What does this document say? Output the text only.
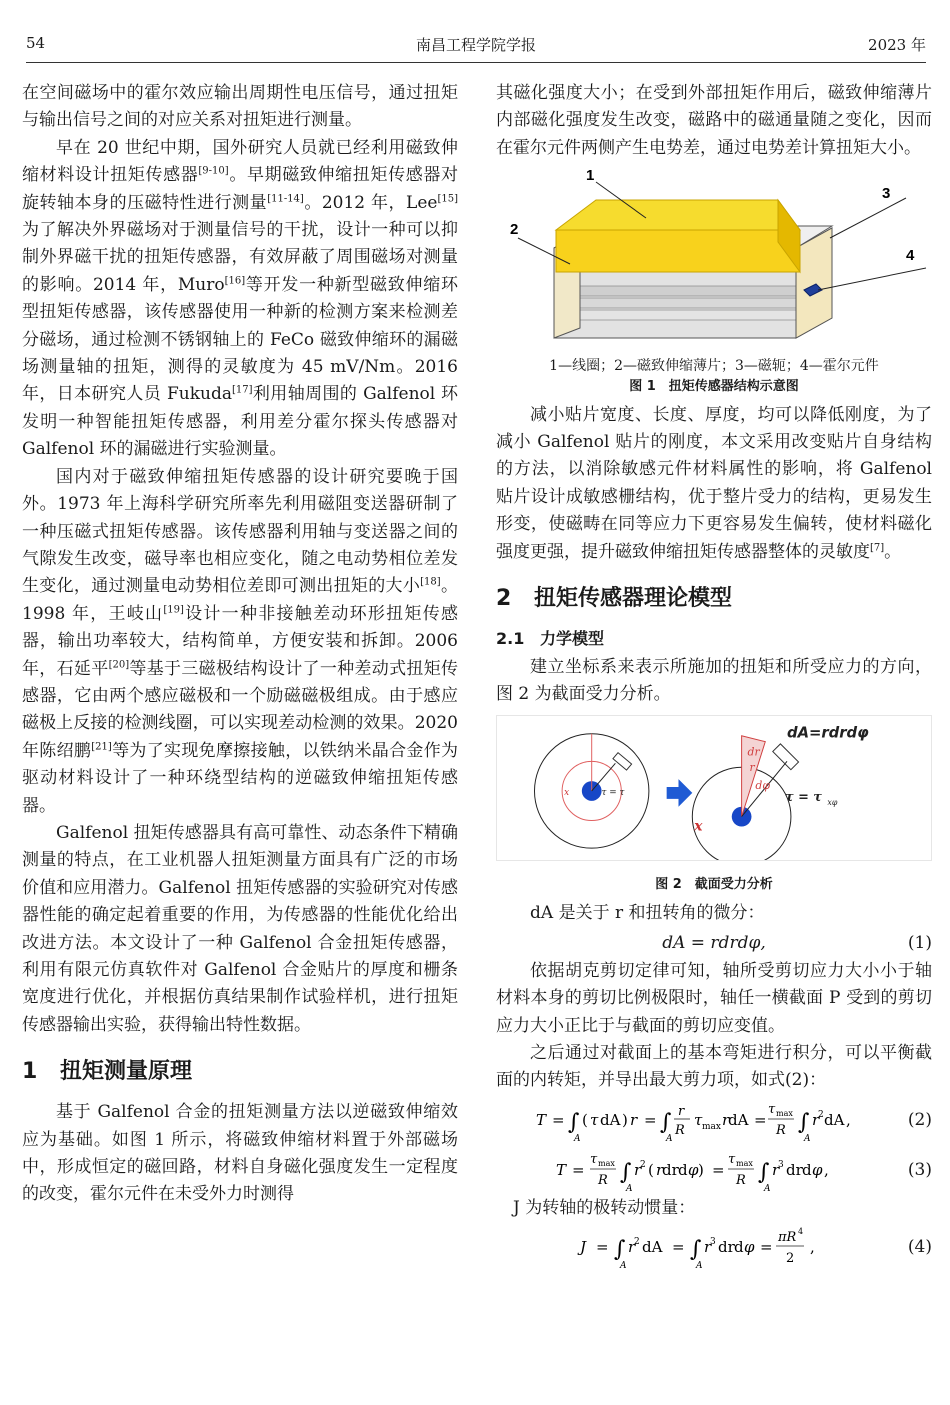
54	南昌工程学院学报	2023 年

在空间磁场中的霍尔效应输出周期性电压信号，通过扭矩与输出信号之间的对应关系对扭矩进行测量。

早在 20 世纪中期，国外研究人员就已经利用磁致伸缩材料设计扭矩传感器[9-10]。早期磁致伸缩扭矩传感器对旋转轴本身的压磁特性进行测量[11-14]。2012 年，Lee[15]为了解决外界磁场对于测量信号的干扰，设计一种可以抑制外界磁干扰的扭矩传感器，有效屏蔽了周围磁场对测量的影响。2014 年，Muro[16]等开发一种新型磁致伸缩环型扭矩传感器，该传感器使用一种新的检测方案来检测差分磁场，通过检测不锈钢轴上的 FeCo 磁致伸缩环的漏磁场测量轴的扭矩，测得的灵敏度为 45 mV/Nm。2016 年，日本研究人员 Fukuda[17]利用轴周围的 Galfenol 环发明一种智能扭矩传感器，利用差分霍尔探头传感器对 Galfenol 环的漏磁进行实验测量。

国内对于磁致伸缩扭矩传感器的设计研究要晚于国外。1973 年上海科学研究所率先利用磁阻变送器研制了一种压磁式扭矩传感器。该传感器利用轴与变送器之间的气隙发生改变，磁导率也相应变化，随之电动势相位差发生变化，通过测量电动势相位差即可测出扭矩的大小[18]。1998 年，王岐山[19]设计一种非接触差动环形扭矩传感器，输出功率较大，结构简单，方便安装和拆卸。2006 年，石延平[20]等基于三磁极结构设计了一种差动式扭矩传感器，它由两个感应磁极和一个励磁磁极组成。由于感应磁极上反接的检测线圈，可以实现差动检测的效果。2020 年陈绍鹏[21]等为了实现免摩擦接触，以铁纳米晶合金作为驱动材料设计了一种环绕型结构的逆磁致伸缩扭矩传感器。

Galfenol 扭矩传感器具有高可靠性、动态条件下精确测量的特点，在工业机器人扭矩测量方面具有广泛的市场价值和应用潜力。Galfenol 扭矩传感器的实验研究对传感器性能的确定起着重要的作用，为传感器的性能优化给出改进方法。本文设计了一种 Galfenol 合金扭矩传感器，利用有限元仿真软件对 Galfenol 合金贴片的厚度和栅条宽度进行优化，并根据仿真结果制作试验样机，进行扭矩传感器输出实验，获得输出特性数据。

1 扭矩测量原理

基于 Galfenol 合金的扭矩测量方法以逆磁致伸缩效应为基础。如图 1 所示，将磁致伸缩材料置于外部磁场中，形成恒定的磁回路，材料自身磁化强度发生一定程度的改变，霍尔元件在未受外力时测得

其磁化强度大小；在受到外部扭矩作用后，磁致伸缩薄片内部磁化强度发生改变，磁路中的磁通量随之变化，因而在霍尔元件两侧产生电势差，通过电势差计算扭矩大小。

1
2
3
4
1—线圈；2—磁致伸缩薄片；3—磁轭；4—霍尔元件
图 1　扭矩传感器结构示意图

减小贴片宽度、长度、厚度，均可以降低刚度，为了减小 Galfenol 贴片的刚度，本文采用改变贴片自身结构的方法，以消除敏感元件材料属性的影响，将 Galfenol 贴片设计成敏感栅结构，优于整片受力的结构，更易发生形变，使磁畴在同等应力下更容易发生偏转，使材料磁化强度更强，提升磁致伸缩扭矩传感器整体的灵敏度[7]。

2 扭矩传感器理论模型
2.1 力学模型

建立坐标系来表示所施加的扭矩和所受应力的方向，图 2 为截面受力分析。

x	τ = τ
dr
r
dφ
dA=rdrdφ
τ = τ xφ
x
图 2　截面受力分析

dA 是关于 r 和扭转角的微分：

dA = rdrdφ,	(1)

依据胡克剪切定律可知，轴所受剪切应力大小小于轴材料本身的剪切比例极限时，轴任一横截面 P 受到的剪切应力大小正比于与截面的剪切应变值。

之后通过对截面上的基本弯矩进行积分，可以平衡截面的内转矩，并导出最大剪力项，如式(2)：

T = ∫
A
( τ dA ) r = ∫
A
r
R
τ max r
dA =
τ max
R ∫
A
r
2 dA ,	(2)
T =
τ max
R ∫
A
r
2 ( r
dr d φ ) =
τ max
R ∫
A
r
3 dr d φ ,	(3)

J 为转轴的极转动惯量：

J = ∫
A
r
2 dA = ∫
A
r
3 dr d φ =
πR 4
2
,	(4)
